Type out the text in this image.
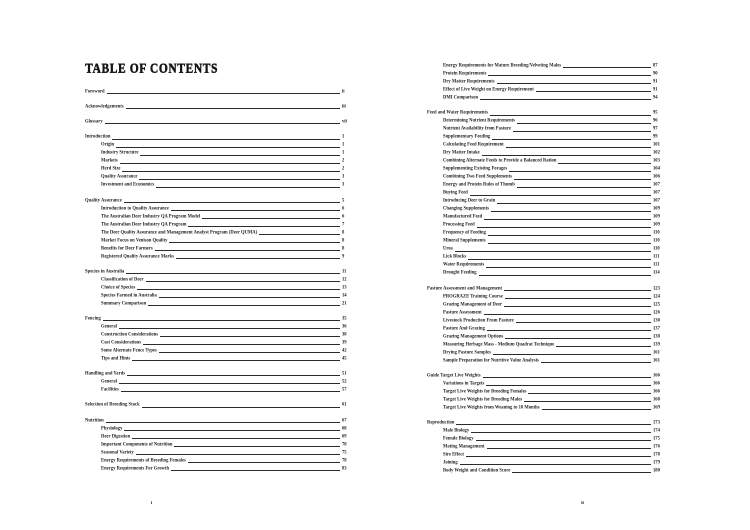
TABLE OF CONTENTS
Foreword	ii
Acknowledgements	iii
Glossary	vii
Introduction	1
Origin	1
Industry Structure	1
Markets	2
Herd Size	2
Quality Assurance	3
Investment and Economics	3
Quality Assurance	5
Introduction to Quality Assurance	6
The Australian Deer Industry QA Program Model	6
The Australian Deer Industry QA Program	7
The Deer Quality Assurance and Management Analyst Program (Deer QUMA)	8
Market Focus on Venison Quality	8
Benefits for Deer Farmers	8
Registered Quality Assurance Marks	9
Species in Australia	11
Classification of Deer	12
Choice of Species	13
Species Farmed in Australia	14
Summary Comparison	21
Fencing	35
General	36
Construction Considerations	38
Cost Considerations	39
Some Alternate Fence Types	42
Tips and Hints	45
Handling and Yards	51
General	52
Facilities	57
Selection of Breeding Stock	61
Nutrition	67
Physiology	68
Deer Digestion	69
Important Components of Nutrition	70
Seasonal Variety	75
Energy Requirements of Breeding Females	78
Energy Requirements For Growth	83
i
Energy Requirements for Mature Breeding/Velveting Males	87
Protein Requirements	90
Dry Matter Requirements	91
Effect of Live Weight on Energy Requirement	91
DMI Comparison	94
Feed and Water Requirements	95
Determining Nutrient Requirements	96
Nutrient Availability from Pasture	97
Supplementary Feeding	99
Calculating Feed Requirement	101
Dry Matter Intake	102
Combining Alternate Feeds to Provide a Balanced Ration	103
Supplementing Existing Forages	104
Combining Two Feed Supplements	106
Energy and Protein Rules of Thumb	107
Buying Feed	107
Introducing Deer to Grain	107
Changing Supplements	109
Manufactured Feed	109
Processing Feed	109
Frequency of Feeding	110
Mineral Supplements	110
Urea	110
Lick Blocks	111
Water Requirements	111
Drought Feeding	114
Pasture Assessment and Management	123
PROGRAZE Training Course	124
Grazing Management of Deer	125
Pasture Assessment	126
Livestock Production From Pasture	130
Pasture And Grazing	137
Grazing Management Options	138
Measuring Herbage Mass - Medium Quadrat Technique	139
Drying Pasture Samples	161
Sample Preparation for Nutritive Value Analysis	161
Guide Target Live Weights	166
Variations in Targets	166
Target Live Weights for Breeding Females	166
Target Live Weights for Breeding Males	168
Target Live Weights from Weaning to 18 Months	169
Reproduction	173
Male Biology	174
Female Biology	175
Mating Management	176
Sire Effect	178
Joining	179
Body Weight and Condition Score	180
ii
